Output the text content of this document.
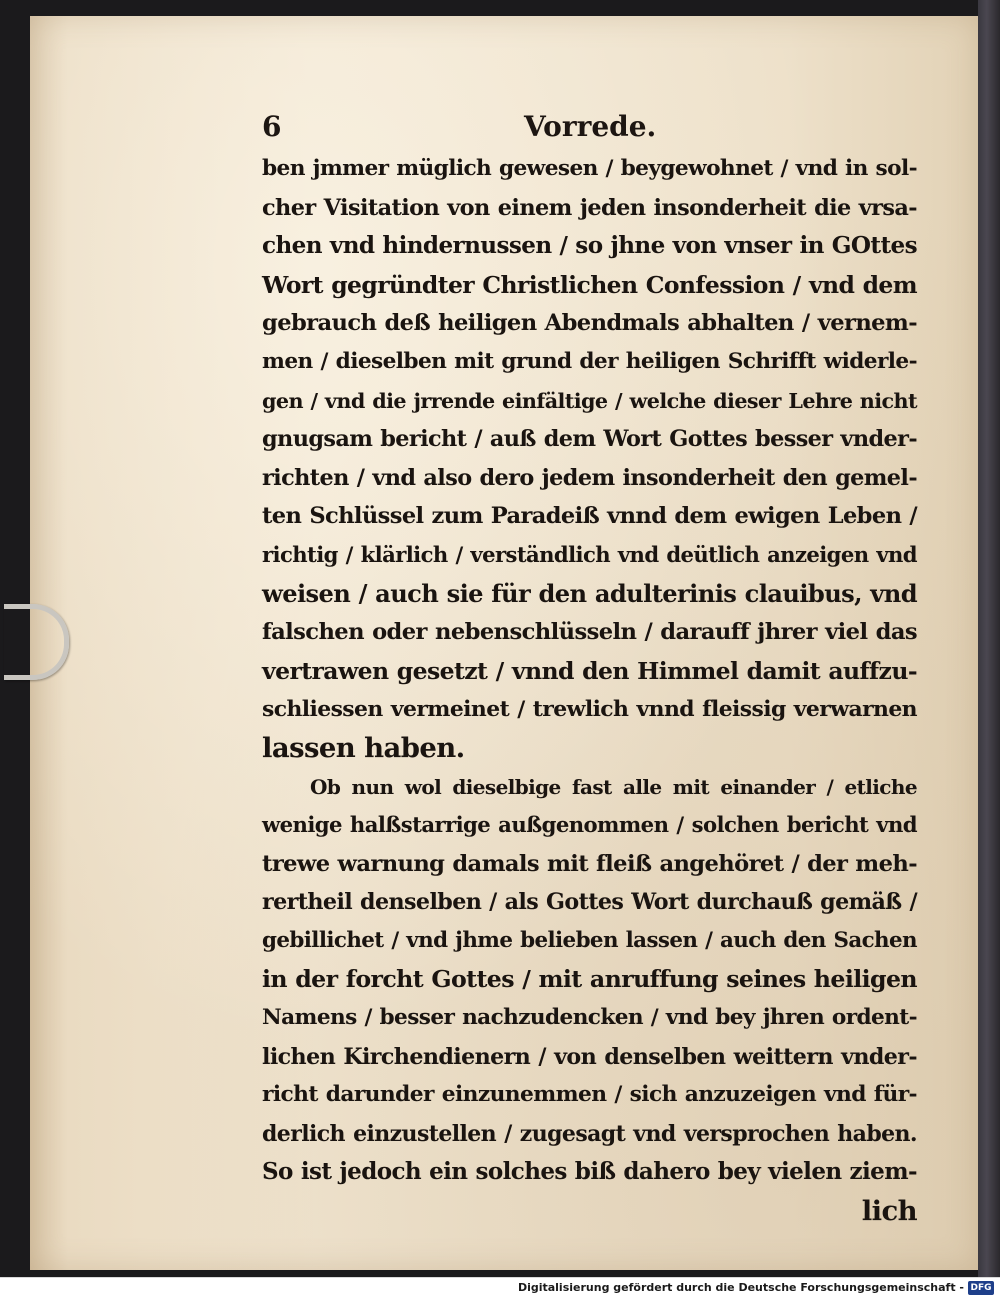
6	Vorrede.
ben jmmer müglich gewesen / beygewohnet / vnd in sol-
cher Visitation von einem jeden insonderheit die vrsa-
chen vnd hindernussen / so jhne von vnser in GOttes
Wort gegründter Christlichen Confession / vnd dem
gebrauch deß heiligen Abendmals abhalten / vernem-
men / dieselben mit grund der heiligen Schrifft widerle-
gen / vnd die jrrende einfältige / welche dieser Lehre nicht
gnugsam bericht / auß dem Wort Gottes besser vnder-
richten / vnd also dero jedem insonderheit den gemel-
ten Schlüssel zum Paradeiß vnnd dem ewigen Leben /
richtig / klärlich / verständlich vnd deütlich anzeigen vnd
weisen / auch sie für den adulterinis clauibus, vnd
falschen oder nebenschlüsseln / darauff jhrer viel das
vertrawen gesetzt / vnnd den Himmel damit auffzu-
schliessen vermeinet / trewlich vnnd fleissig verwarnen
lassen haben.
Ob nun wol dieselbige fast alle mit einander / etliche
wenige halßstarrige außgenommen / solchen bericht vnd
trewe warnung damals mit fleiß angehöret / der meh-
rertheil denselben / als Gottes Wort durchauß gemäß /
gebillichet / vnd jhme belieben lassen / auch den Sachen
in der forcht Gottes / mit anruffung seines heiligen
Namens / besser nachzudencken / vnd bey jhren ordent-
lichen Kirchendienern / von denselben weittern vnder-
richt darunder einzunemmen / sich anzuzeigen vnd für-
derlich einzustellen / zugesagt vnd versprochen haben.
So ist jedoch ein solches biß dahero bey vielen ziem-
lich
Digitalisierung gefördert durch die Deutsche Forschungsgemeinschaft - DFG
